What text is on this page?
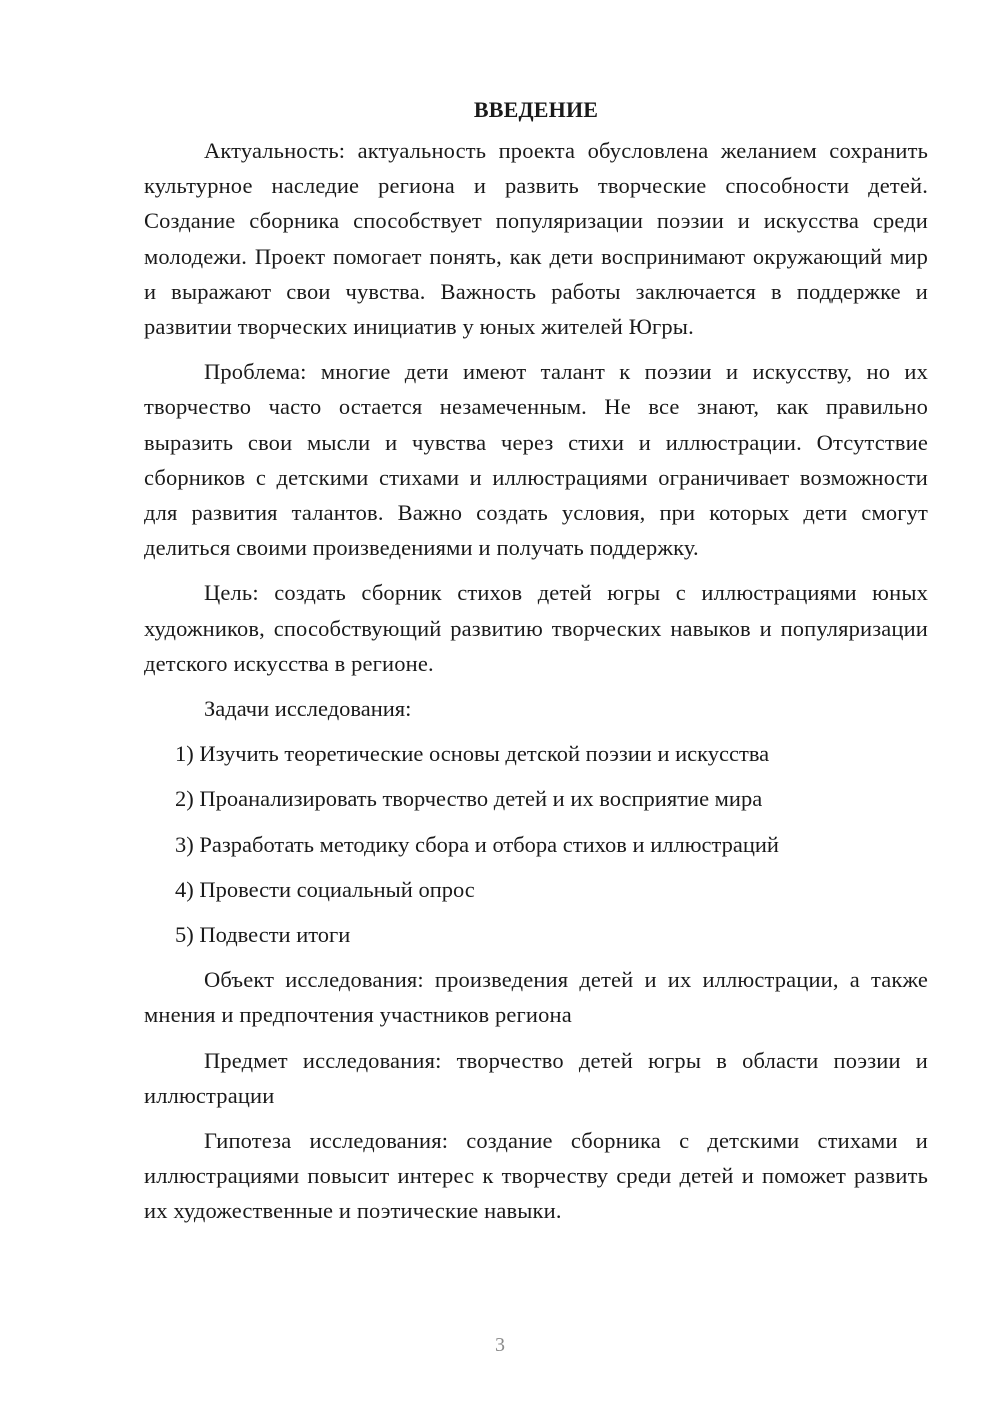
ВВЕДЕНИЕ

Актуальность: актуальность проекта обусловлена желанием сохранить культурное наследие региона и развить творческие способности детей. Создание сборника способствует популяризации поэзии и искусства среди молодежи. Проект помогает понять, как дети воспринимают окружающий мир и выражают свои чувства. Важность работы заключается в поддержке и развитии творческих инициатив у юных жителей Югры.

Проблема: многие дети имеют талант к поэзии и искусству, но их творчество часто остается незамеченным. Не все знают, как правильно выразить свои мысли и чувства через стихи и иллюстрации. Отсутствие сборников с детскими стихами и иллюстрациями ограничивает возможности для развития талантов. Важно создать условия, при которых дети смогут делиться своими произведениями и получать поддержку.

Цель: создать сборник стихов детей югры с иллюстрациями юных художников, способствующий развитию творческих навыков и популяризации детского искусства в регионе.

Задачи исследования:

1) Изучить теоретические основы детской поэзии и искусства
2) Проанализировать творчество детей и их восприятие мира
3) Разработать методику сбора и отбора стихов и иллюстраций
4) Провести социальный опрос
5) Подвести итоги

Объект исследования: произведения детей и их иллюстрации, а также мнения и предпочтения участников региона

Предмет исследования: творчество детей югры в области поэзии и иллюстрации

Гипотеза исследования: создание сборника с детскими стихами и иллюстрациями повысит интерес к творчеству среди детей и поможет развить их художественные и поэтические навыки.

3
